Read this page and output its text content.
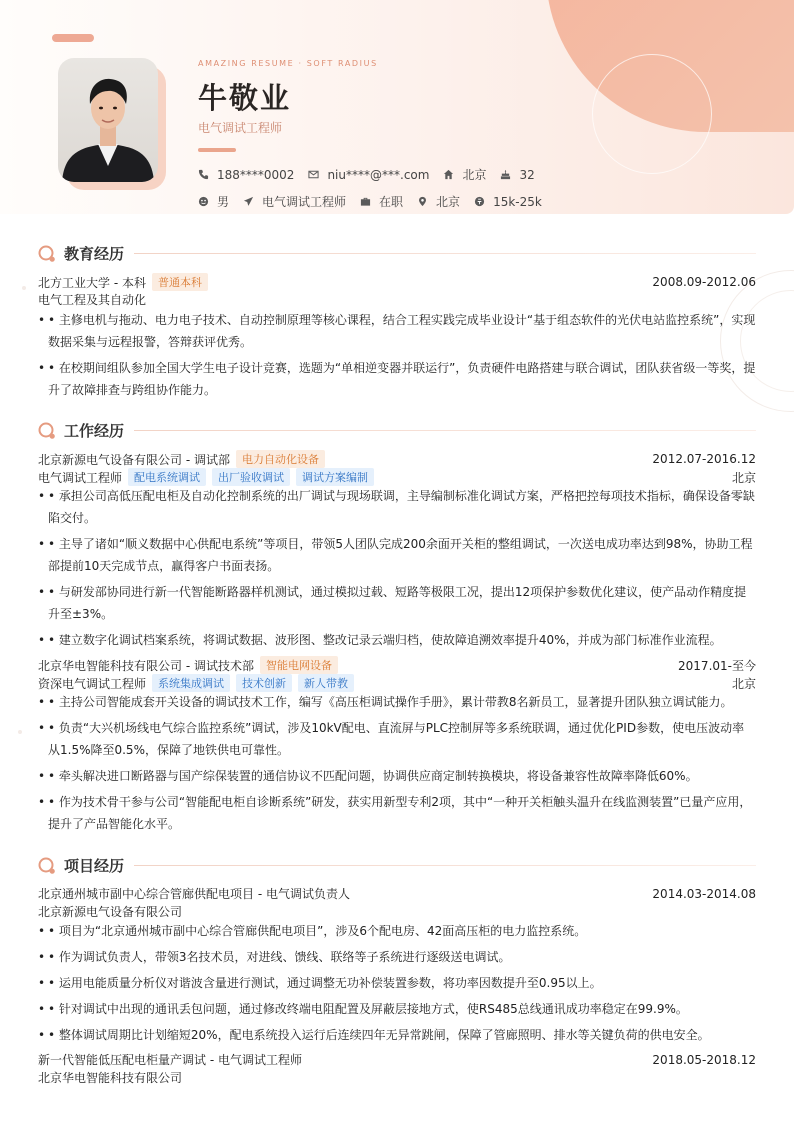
AMAZING RESUME · SOFT RADIUS
牛敬业
电气调试工程师
188****0002	niu****@***.com	北京	32
男	电气调试工程师	在职	北京	15k-25k
教育经历
北方工业大学 - 本科	普通本科	2008.09-2012.06
电气工程及其自动化
• • 主修电机与拖动、电力电子技术、自动控制原理等核心课程，结合工程实践完成毕业设计“基于组态软件的光伏电站监控系统”，实现数据采集与远程报警，答辩获评优秀。
• • 在校期间组队参加全国大学生电子设计竞赛，选题为“单相逆变器并联运行”，负责硬件电路搭建与联合调试，团队获省级一等奖，提升了故障排查与跨组协作能力。
工作经历
北京新源电气设备有限公司 - 调试部	电力自动化设备	2012.07-2016.12
电气调试工程师	配电系统调试	出厂验收调试	调试方案编制	北京
• • 承担公司高低压配电柜及自动化控制系统的出厂调试与现场联调，主导编制标准化调试方案，严格把控每项技术指标，确保设备零缺陷交付。
• • 主导了诸如“顺义数据中心供配电系统”等项目，带领5人团队完成200余面开关柜的整组调试，一次送电成功率达到98%，协助工程部提前10天完成节点，赢得客户书面表扬。
• • 与研发部协同进行新一代智能断路器样机测试，通过模拟过载、短路等极限工况，提出12项保护参数优化建议，使产品动作精度提升至±3%。
• • 建立数字化调试档案系统，将调试数据、波形图、整改记录云端归档，使故障追溯效率提升40%，并成为部门标准作业流程。
北京华电智能科技有限公司 - 调试技术部	智能电网设备	2017.01-至今
资深电气调试工程师	系统集成调试	技术创新	新人带教	北京
• • 主持公司智能成套开关设备的调试技术工作，编写《高压柜调试操作手册》，累计带教8名新员工，显著提升团队独立调试能力。
• • 负责“大兴机场线电气综合监控系统”调试，涉及10kV配电、直流屏与PLC控制屏等多系统联调，通过优化PID参数，使电压波动率从1.5%降至0.5%，保障了地铁供电可靠性。
• • 牵头解决进口断路器与国产综保装置的通信协议不匹配问题，协调供应商定制转换模块，将设备兼容性故障率降低60%。
• • 作为技术骨干参与公司“智能配电柜自诊断系统”研发，获实用新型专利2项，其中“一种开关柜触头温升在线监测装置”已量产应用，提升了产品智能化水平。
项目经历
北京通州城市副中心综合管廊供配电项目 - 电气调试负责人	2014.03-2014.08
北京新源电气设备有限公司
• • 项目为“北京通州城市副中心综合管廊供配电项目”，涉及6个配电房、42面高压柜的电力监控系统。
• • 作为调试负责人，带领3名技术员，对进线、馈线、联络等子系统进行逐级送电调试。
• • 运用电能质量分析仪对谐波含量进行测试，通过调整无功补偿装置参数，将功率因数提升至0.95以上。
• • 针对调试中出现的通讯丢包问题，通过修改终端电阻配置及屏蔽层接地方式，使RS485总线通讯成功率稳定在99.9%。
• • 整体调试周期比计划缩短20%，配电系统投入运行后连续四年无异常跳闸，保障了管廊照明、排水等关键负荷的供电安全。
新一代智能低压配电柜量产调试 - 电气调试工程师	2018.05-2018.12
北京华电智能科技有限公司
